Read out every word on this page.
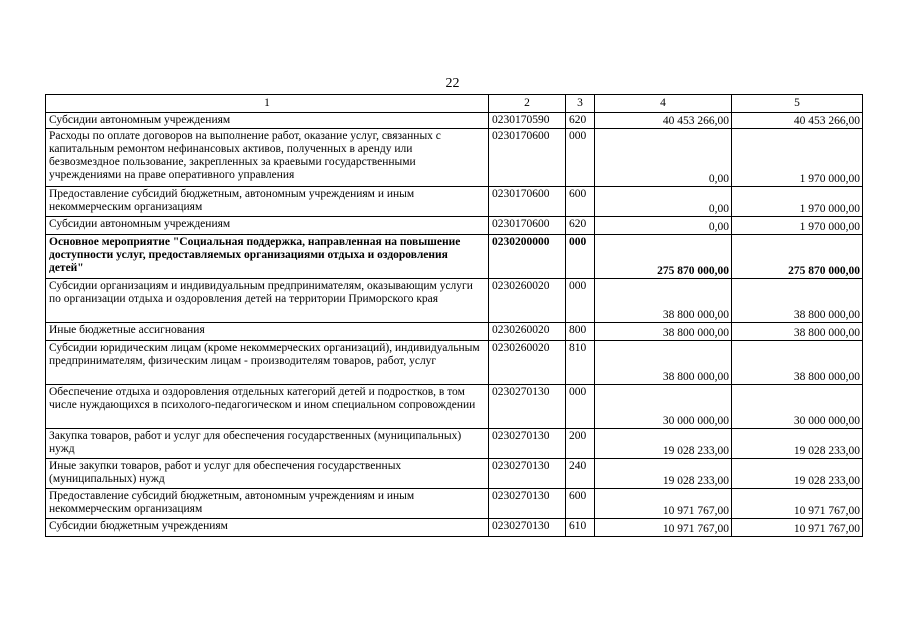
22
1	2	3	4	5
Субсидии автономным учреждениям	0230170590	620	40 453 266,00	40 453 266,00
Расходы по оплате договоров на выполнение работ, оказание услуг, связанных с капитальным ремонтом нефинансовых активов, полученных в аренду или безвозмездное пользование, закрепленных за краевыми государственными учреждениями на праве оперативного управления	0230170600	000	0,00	1 970 000,00
Предоставление субсидий бюджетным, автономным учреждениям и иным некоммерческим организациям	0230170600	600	0,00	1 970 000,00
Субсидии автономным учреждениям	0230170600	620	0,00	1 970 000,00
Основное мероприятие "Социальная поддержка, направленная на повышение доступности услуг, предоставляемых организациями отдыха и оздоровления детей"	0230200000	000	275 870 000,00	275 870 000,00
Субсидии организациям и индивидуальным предпринимателям, оказывающим услуги по организации отдыха и оздоровления детей на территории Приморского края	0230260020	000	38 800 000,00	38 800 000,00
Иные бюджетные ассигнования	0230260020	800	38 800 000,00	38 800 000,00
Субсидии юридическим лицам (кроме некоммерческих организаций), индивидуальным предпринимателям, физическим лицам - производителям товаров, работ, услуг	0230260020	810	38 800 000,00	38 800 000,00
Обеспечение отдыха и оздоровления отдельных категорий детей и подростков, в том числе нуждающихся в психолого-педагогическом и ином специальном сопровождении	0230270130	000	30 000 000,00	30 000 000,00
Закупка товаров, работ и услуг для обеспечения государственных (муниципальных) нужд	0230270130	200	19 028 233,00	19 028 233,00
Иные закупки товаров, работ и услуг для обеспечения государственных (муниципальных) нужд	0230270130	240	19 028 233,00	19 028 233,00
Предоставление субсидий бюджетным, автономным учреждениям и иным некоммерческим организациям	0230270130	600	10 971 767,00	10 971 767,00
Субсидии бюджетным учреждениям	0230270130	610	10 971 767,00	10 971 767,00
